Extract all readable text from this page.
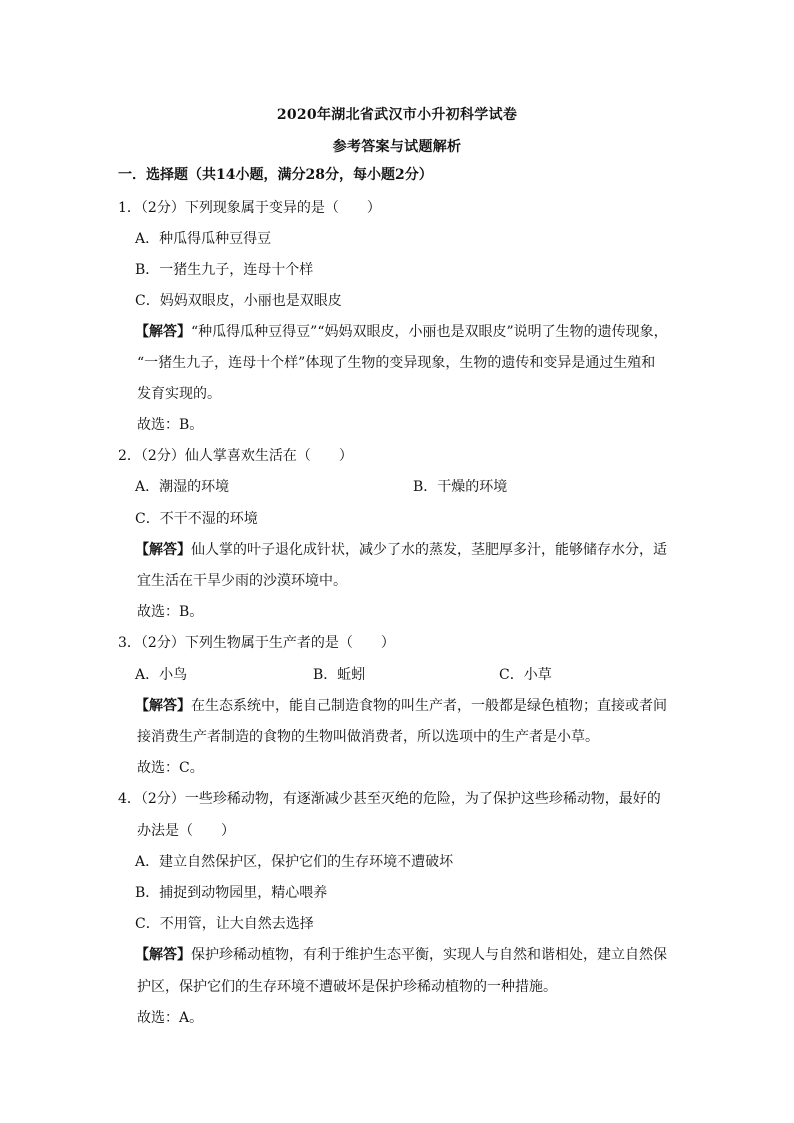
2020年湖北省武汉市小升初科学试卷
参考答案与试题解析
一．选择题（共14小题，满分28分，每小题2分）
1．（2分）下列现象属于变异的是（　　）
A．种瓜得瓜种豆得豆
B．一猪生九子，连母十个样
C．妈妈双眼皮，小丽也是双眼皮
【解答】“种瓜得瓜种豆得豆”“妈妈双眼皮，小丽也是双眼皮”说明了生物的遗传现象，
“一猪生九子，连母十个样”体现了生物的变异现象，生物的遗传和变异是通过生殖和
发育实现的。
故选：B。
2．（2分）仙人掌喜欢生活在（　　）
A．潮湿的环境	B．干燥的环境
C．不干不湿的环境
【解答】仙人掌的叶子退化成针状，减少了水的蒸发，茎肥厚多汁，能够储存水分，适
宜生活在干旱少雨的沙漠环境中。
故选：B。
3．（2分）下列生物属于生产者的是（　　）
A．小鸟	B．蚯蚓	C．小草
【解答】在生态系统中，能自己制造食物的叫生产者，一般都是绿色植物；直接或者间
接消费生产者制造的食物的生物叫做消费者，所以选项中的生产者是小草。
故选：C。
4．（2分）一些珍稀动物，有逐渐减少甚至灭绝的危险，为了保护这些珍稀动物，最好的
办法是（　　）
A．建立自然保护区，保护它们的生存环境不遭破坏
B．捕捉到动物园里，精心喂养
C．不用管，让大自然去选择
【解答】保护珍稀动植物，有利于维护生态平衡，实现人与自然和谐相处，建立自然保
护区，保护它们的生存环境不遭破坏是保护珍稀动植物的一种措施。
故选：A。
